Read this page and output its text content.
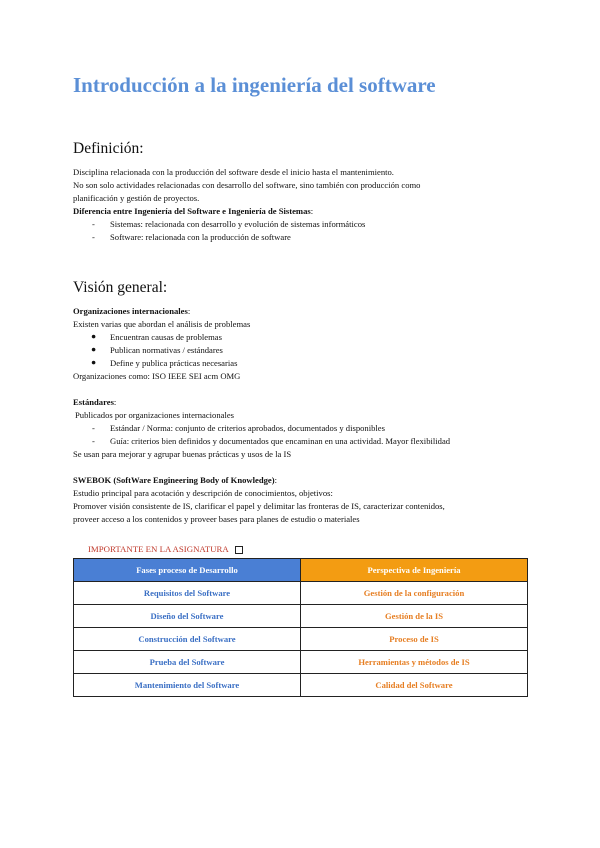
Introducción a la ingeniería del software
Definición:
Disciplina relacionada con la producción del software desde el inicio hasta el mantenimiento.
No son solo actividades relacionadas con desarrollo del software, sino también con producción como
planificación y gestión de proyectos.
Diferencia entre Ingeniería del Software e Ingeniería de Sistemas:
- Sistemas: relacionada con desarrollo y evolución de sistemas informáticos
- Software: relacionada con la producción de software
Visión general:
Organizaciones internacionales:
Existen varias que abordan el análisis de problemas
● Encuentran causas de problemas
● Publican normativas / estándares
● Define y publica prácticas necesarias
Organizaciones como: ISO IEEE SEI acm OMG
Estándares:
Publicados por organizaciones internacionales
- Estándar / Norma: conjunto de criterios aprobados, documentados y disponibles
- Guía: criterios bien definidos y documentados que encaminan en una actividad. Mayor flexibilidad
Se usan para mejorar y agrupar buenas prácticas y usos de la IS
SWEBOK (SoftWare Engineering Body of Knowledge):
Estudio principal para acotación y descripción de conocimientos, objetivos:
Promover visión consistente de IS, clarificar el papel y delimitar las fronteras de IS, caracterizar contenidos,
proveer acceso a los contenidos y proveer bases para planes de estudio o materiales
IMPORTANTE EN LA ASIGNATURA
Fases proceso de Desarrollo	Perspectiva de Ingeniería
Requisitos del Software	Gestión de la configuración
Diseño del Software	Gestión de la IS
Construcción del Software	Proceso de IS
Prueba del Software	Herramientas y métodos de IS
Mantenimiento del Software	Calidad del Software
